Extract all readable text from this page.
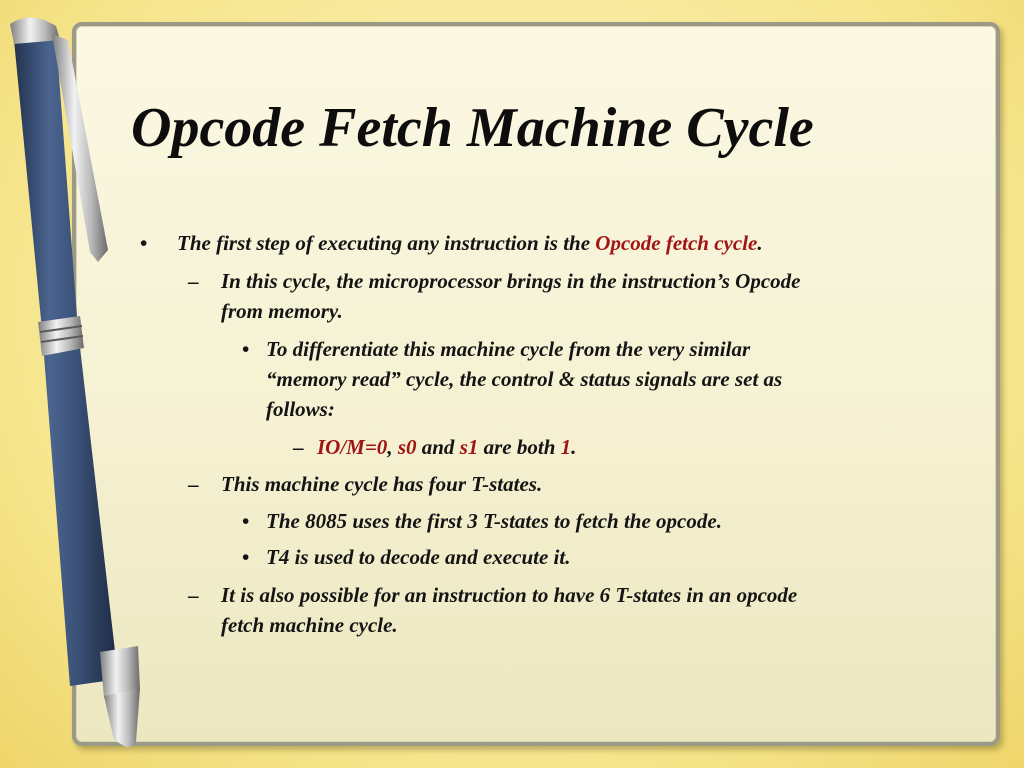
Opcode Fetch Machine Cycle
• The first step of executing any instruction is the Opcode fetch cycle.
– In this cycle, the microprocessor brings in the instruction’s Opcode
from memory.
• To differentiate this machine cycle from the very similar
“memory read” cycle, the control & status signals are set as
follows:
– IO/M=0, s0 and s1 are both 1.
– This machine cycle has four T-states.
• The 8085 uses the first 3 T-states to fetch the opcode.
• T4 is used to decode and execute it.
– It is also possible for an instruction to have 6 T-states in an opcode
fetch machine cycle.
